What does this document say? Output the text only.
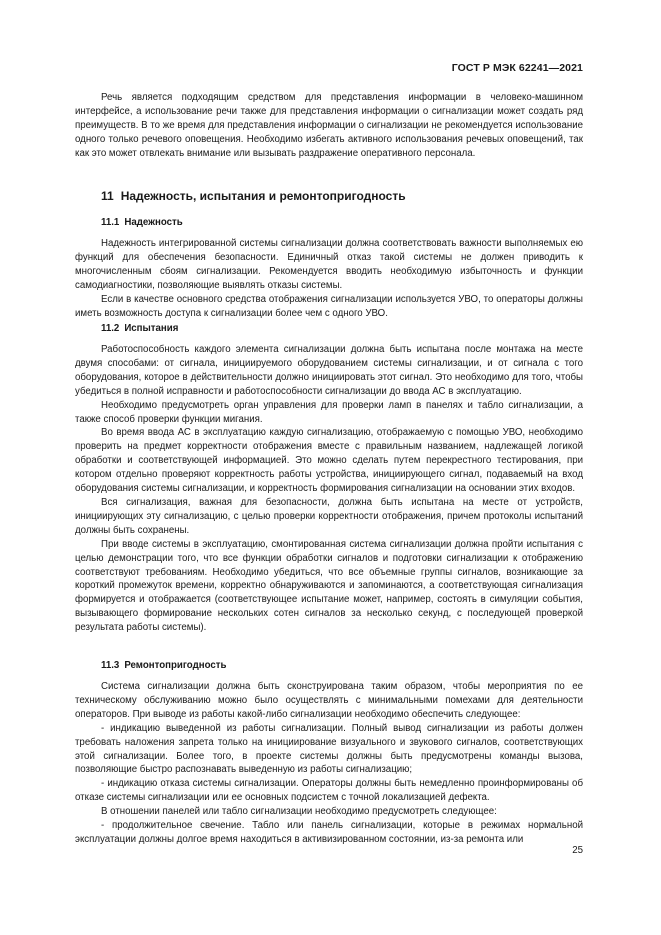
ГОСТ Р МЭК 62241—2021

Речь является подходящим средством для представления информации в человеко-машинном интерфейсе, а использование речи также для представления информации о сигнализации может создать ряд преимуществ. В то же время для представления информации о сигнализации не рекомендуется использование одного только речевого оповещения. Необходимо избегать активного использования речевых оповещений, так как это может отвлекать внимание или вызывать раздражение оперативного персонала.

11 Надежность, испытания и ремонтопригодность
11.1 Надежность

Надежность интегрированной системы сигнализации должна соответствовать важности выполняемых ею функций для обеспечения безопасности. Единичный отказ такой системы не должен приводить к многочисленным сбоям сигнализации. Рекомендуется вводить необходимую избыточность и функции самодиагностики, позволяющие выявлять отказы системы.

Если в качестве основного средства отображения сигнализации используется УВО, то операторы должны иметь возможность доступа к сигнализации более чем с одного УВО.

11.2 Испытания

Работоспособность каждого элемента сигнализации должна быть испытана после монтажа на месте двумя способами: от сигнала, инициируемого оборудованием системы сигнализации, и от сигнала с того оборудования, которое в действительности должно инициировать этот сигнал. Это необходимо для того, чтобы убедиться в полной исправности и работоспособности сигнализации до ввода АС в эксплуатацию.

Необходимо предусмотреть орган управления для проверки ламп в панелях и табло сигнализации, а также способ проверки функции мигания.

Во время ввода АС в эксплуатацию каждую сигнализацию, отображаемую с помощью УВО, необходимо проверить на предмет корректности отображения вместе с правильным названием, надлежащей логикой обработки и соответствующей информацией. Это можно сделать путем перекрестного тестирования, при котором отдельно проверяют корректность работы устройства, инициирующего сигнал, подаваемый на вход оборудования системы сигнализации, и корректность формирования сигнализации на основании этих входов.

Вся сигнализация, важная для безопасности, должна быть испытана на месте от устройств, инициирующих эту сигнализацию, с целью проверки корректности отображения, причем протоколы испытаний должны быть сохранены.

При вводе системы в эксплуатацию, смонтированная система сигнализации должна пройти испытания с целью демонстрации того, что все функции обработки сигналов и подготовки сигнализации к отображению соответствуют требованиям. Необходимо убедиться, что все объемные группы сигналов, возникающие за короткий промежуток времени, корректно обнаруживаются и запоминаются, а соответствующая сигнализация формируется и отображается (соответствующее испытание может, например, состоять в симуляции события, вызывающего формирование нескольких сотен сигналов за несколько секунд, с последующей проверкой результата работы системы).

11.3 Ремонтопригодность

Система сигнализации должна быть сконструирована таким образом, чтобы мероприятия по ее техническому обслуживанию можно было осуществлять с минимальными помехами для деятельности операторов. При выводе из работы какой-либо сигнализации необходимо обеспечить следующее:

- индикацию выведенной из работы сигнализации. Полный вывод сигнализации из работы должен требовать наложения запрета только на инициирование визуального и звукового сигналов, соответствующих этой сигнализации. Более того, в проекте системы должны быть предусмотрены команды вызова, позволяющие быстро распознавать выведенную из работы сигнализацию;

- индикацию отказа системы сигнализации. Операторы должны быть немедленно проинформированы об отказе системы сигнализации или ее основных подсистем с точной локализацией дефекта.

В отношении панелей или табло сигнализации необходимо предусмотреть следующее:

- продолжительное свечение. Табло или панель сигнализации, которые в режимах нормальной эксплуатации должны долгое время находиться в активизированном состоянии, из-за ремонта или

25
